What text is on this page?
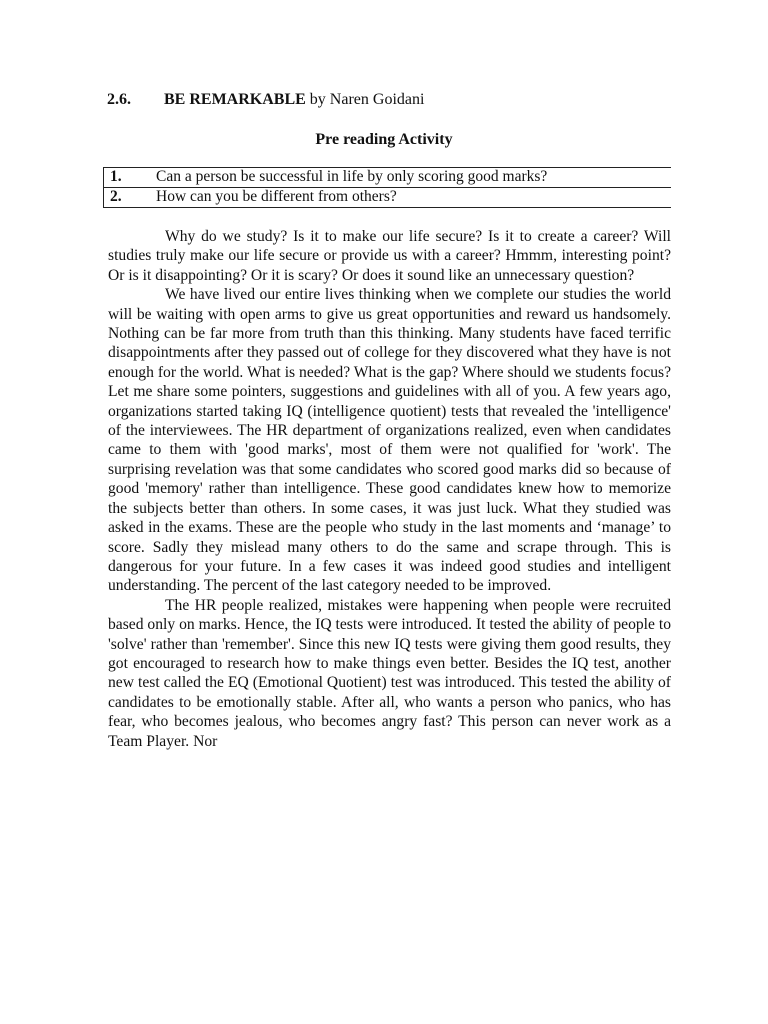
2.6. BE REMARKABLE by Naren Goidani
Pre reading Activity
1.	Can a person be successful in life by only scoring good marks?
2.	How can you be different from others?

Why do we study? Is it to make our life secure? Is it to create a career? Will studies truly make our life secure or provide us with a career? Hmmm, interesting point? Or is it disappointing? Or it is scary? Or does it sound like an unnecessary question?

We have lived our entire lives thinking when we complete our studies the world will be waiting with open arms to give us great opportunities and reward us handsomely. Nothing can be far more from truth than this thinking. Many students have faced terrific disappointments after they passed out of college for they discovered what they have is not enough for the world. What is needed? What is the gap? Where should we students focus? Let me share some pointers, suggestions and guidelines with all of you. A few years ago, organizations started taking IQ (intelligence quotient) tests that revealed the 'intelligence' of the interviewees. The HR department of organizations realized, even when candidates came to them with 'good marks', most of them were not qualified for 'work'. The surprising revelation was that some candidates who scored good marks did so because of good 'memory' rather than intelligence. These good candidates knew how to memorize the subjects better than others. In some cases, it was just luck. What they studied was asked in the exams. These are the people who study in the last moments and ‘manage’ to score. Sadly they mislead many others to do the same and scrape through. This is dangerous for your future. In a few cases it was indeed good studies and intelligent understanding. The percent of the last category needed to be improved.

The HR people realized, mistakes were happening when people were recruited based only on marks. Hence, the IQ tests were introduced. It tested the ability of people to 'solve' rather than 'remember'. Since this new IQ tests were giving them good results, they got encouraged to research how to make things even better. Besides the IQ test, another new test called the EQ (Emotional Quotient) test was introduced. This tested the ability of candidates to be emotionally stable. After all, who wants a person who panics, who has fear, who becomes jealous, who becomes angry fast? This person can never work as a Team Player. Nor
